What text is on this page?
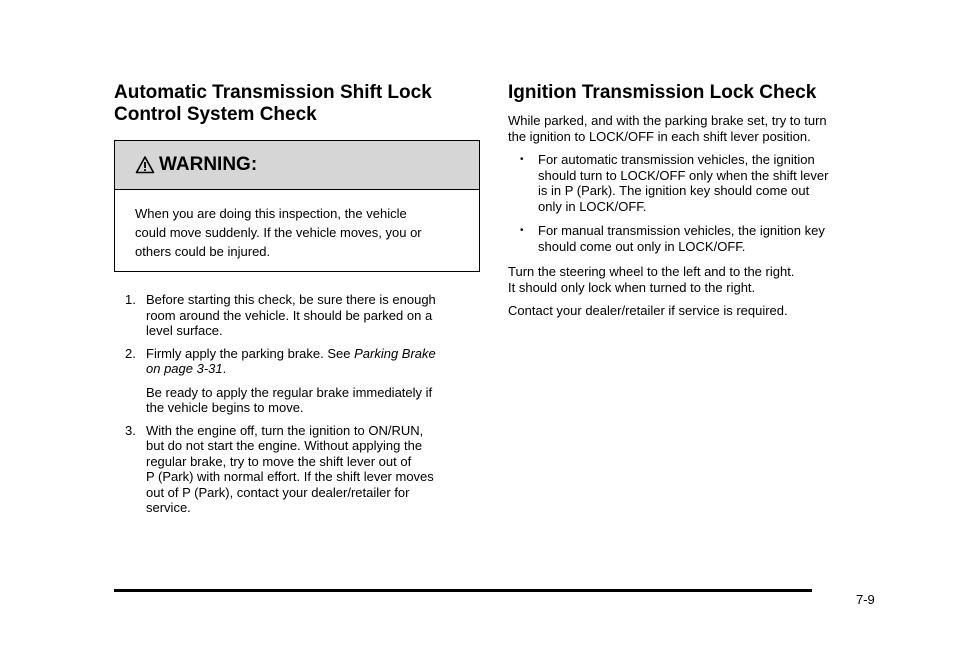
Automatic Transmission Shift Lock
Control System Check
WARNING:
When you are doing this inspection, the vehicle
could move suddenly. If the vehicle moves, you or
others could be injured.
1. Before starting this check, be sure there is enough
room around the vehicle. It should be parked on a
level surface.
2. Firmly apply the parking brake. See Parking Brake
on page 3‑31.
Be ready to apply the regular brake immediately if
the vehicle begins to move.
3. With the engine off, turn the ignition to ON/RUN,
but do not start the engine. Without applying the
regular brake, try to move the shift lever out of
P (Park) with normal effort. If the shift lever moves
out of P (Park), contact your dealer/retailer for
service.
Ignition Transmission Lock Check

While parked, and with the parking brake set, try to turn
the ignition to LOCK/OFF in each shift lever position.

• For automatic transmission vehicles, the ignition
should turn to LOCK/OFF only when the shift lever
is in P (Park). The ignition key should come out
only in LOCK/OFF.
• For manual transmission vehicles, the ignition key
should come out only in LOCK/OFF.

Turn the steering wheel to the left and to the right.
It should only lock when turned to the right.

Contact your dealer/retailer if service is required.

7-9
